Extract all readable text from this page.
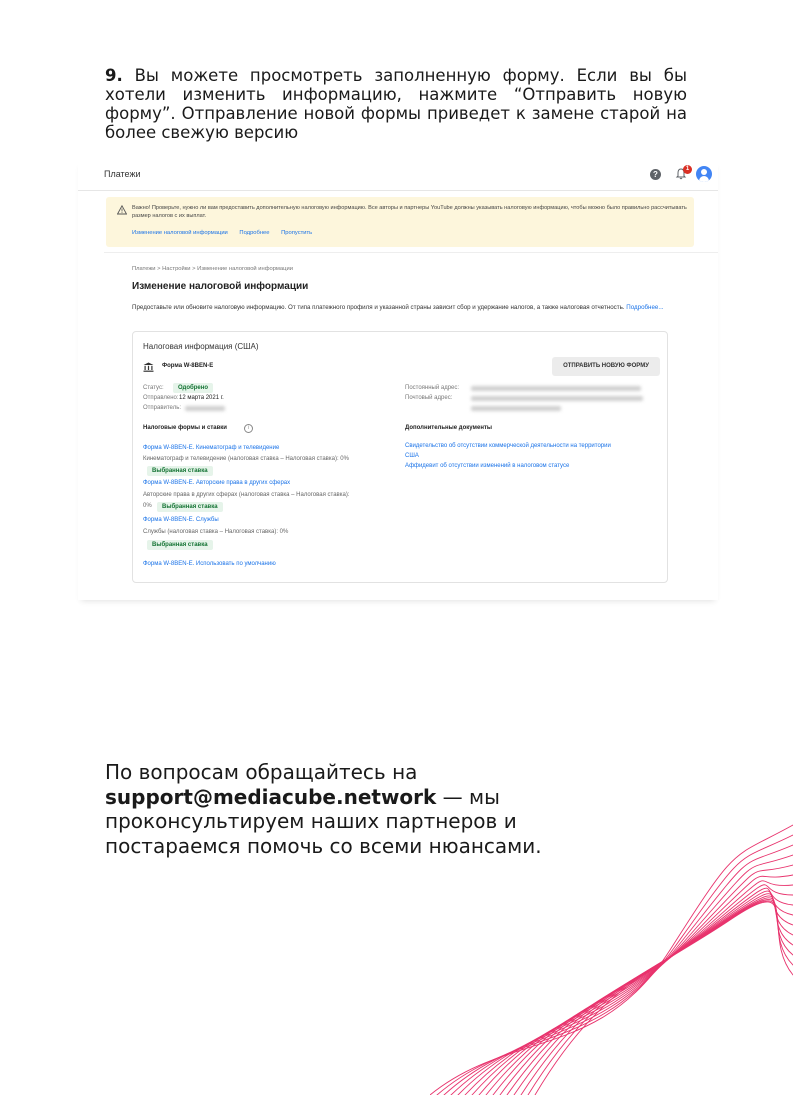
9. Вы можете просмотреть заполненную форму. Если вы бы хотели изменить информацию, нажмите “Отправить новую форму”. Отправление новой формы приведет к замене старой на более свежую версию
Платежи	?
1
Важно! Проверьте, нужно ли вам предоставить дополнительную налоговую информацию. Все авторы и партнеры YouTube должны указывать налоговую информацию, чтобы можно было правильно рассчитывать размер налогов с их выплат.
Изменение налоговой информации Подробнее Пропустить
Платежи > Настройки > Изменение налоговой информации
Изменение налоговой информации
Предоставьте или обновите налоговую информацию. От типа платежного профиля и указанной страны зависит сбор и удержание налогов, а также налоговая отчетность. Подробнее...
Налоговая информация (США)
Форма W-8BEN-E	ОТПРАВИТЬ НОВУЮ ФОРМУ
Статус:	Одобрено
Отправлено: 12 марта 2021 г.
Отправитель:
Постоянный адрес:
Почтовый адрес:
Налоговые формы и ставки	i	Дополнительные документы
Форма W-8BEN-E. Кинематограф и телевидение
Кинематограф и телевидение (налоговая ставка – Налоговая ставка): 0%
Выбранная ставка
Форма W-8BEN-E. Авторские права в других сферах
Авторские права в других сферах (налоговая ставка – Налоговая ставка):
0%	Выбранная ставка
Форма W-8BEN-E. Службы
Службы (налоговая ставка – Налоговая ставка): 0%
Выбранная ставка
Форма W-8BEN-E. Использовать по умолчанию
Свидетельство об отсутствии коммерческой деятельности на территории
США
Аффидевит об отсутствии изменений в налоговом статусе
По вопросам обращайтесь на
support@mediacube.network — мы
проконсультируем наших партнеров и
постараемся помочь со всеми нюансами.
